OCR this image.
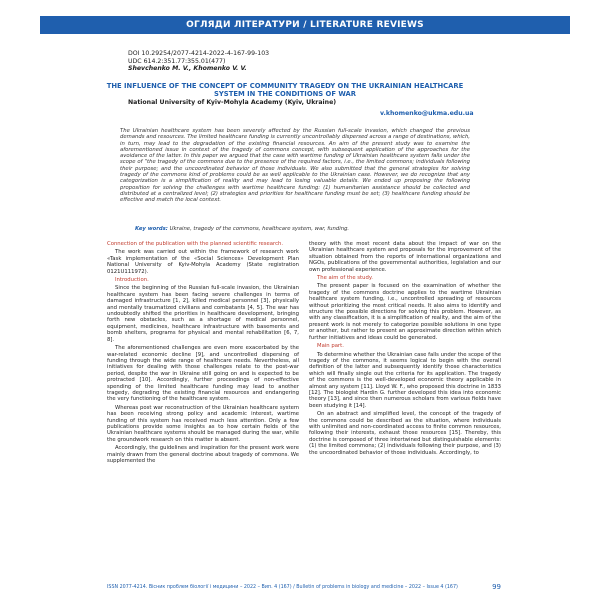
ОГЛЯДИ ЛІТЕРАТУРИ / LITERATURE REVIEWS
DOI 10.29254/2077-4214-2022-4-167-99-103
UDC 614.2:351.77:355.01(477)
Shevchenko M. V., Khomenko V. V.
THE INFLUENCE OF THE CONCEPT OF COMMUNITY TRAGEDY ON THE UKRAINIAN HEALTHCARE SYSTEM IN THE CONDITIONS OF WAR
National University of Kyiv-Mohyla Academy (Kyiv, Ukraine)
v.khomenko@ukma.edu.ua
The Ukrainian healthcare system has been severely affected by the Russian full-scale invasion, which changed the previous demands and resources. The limited healthcare funding is currently uncontrollably dispersed across a range of destinations, which, in turn, may lead to the degradation of the existing financial resources. An aim of the present study was to examine the aforementioned issue in context of the tragedy of commons concept, with subsequent application of the approaches for the avoidance of the latter. In this paper we argued that the case with wartime funding of Ukrainian healthcare system falls under the scope of “the tragedy of the commons due to the presence of the required factors, i.e., the limited commons; individuals following their purpose; and the uncoordinated behavior of those individuals. We also submitted that the general strategies for solving tragedy of the commons kind of problems could be as well applicable to the Ukrainian case. However, we do recognize that any categorization is a simplification of reality and may lead to losing valuable details. We ended up proposing the following proposition for solving the challenges with wartime healthcare funding: (1) humanitarian assistance should be collected and distributed at a centralized level; (2) strategies and priorities for healthcare funding must be set; (3) healthcare funding should be effective and match the local context.
Key words: Ukraine, tragedy of the commons, healthcare system, war, funding.

Connection of the publication with the planned scientific research.

The work was carried out within the framework of research work «Task implementation of the «Social Sciences» Development Plan National University of Kyiv-Mohyla Academy (State registration 0121U111972).

Introduction.

Since the beginning of the Russian full-scale invasion, the Ukrainian healthcare system has been facing severe challenges in terms of damaged infrastructure [1, 2], killed medical personnel [3], physically and mentally traumatized civilians and combatants [4, 5]. The war has undoubtedly shifted the priorities in healthcare development, bringing forth new obstacles, such as a shortage of medical personnel, equipment, medicines, healthcare infrastructure with basements and bomb shelters, programs for physical and mental rehabilitation [6, 7, 8].

The aforementioned challenges are even more exacerbated by the war-related economic decline [9], and uncontrolled dispersing of funding through the wide range of healthcare needs. Nevertheless, all initiatives for dealing with those challenges relate to the post-war period, despite the war in Ukraine still going on and is expected to be protracted [10]. Accordingly, further proceedings of non-effective spending of the limited healthcare funding may lead to another tragedy, degrading the existing financial resources and endangering the very functioning of the healthcare system.

Whereas post war reconstruction of the Ukrainian healthcare system has been receiving strong policy and academic interest, wartime funding of this system has received much less attention. Only a few publications provide some insights as to how certain fields of the Ukrainian healthcare systems should be managed during the war, while the groundwork research on this matter is absent.

Accordingly, the guidelines and inspiration for the present work were mainly drawn from the general doctrine about tragedy of commons. We supplemented the

theory with the most recent data about the impact of war on the Ukrainian healthcare system and proposals for the improvement of the situation obtained from the reports of international organizations and NGOs, publications of the governmental authorities, legislation and our own professional experience.

The aim of the study.

The present paper is focused on the examination of whether the tragedy of the commons doctrine applies to the wartime Ukrainian healthcare system funding, i.e., uncontrolled spreading of resources without prioritizing the most critical needs. It also aims to identify and structure the possible directions for solving this problem. However, as with any classification, it is a simplification of reality, and the aim of the present work is not merely to categorize possible solutions in one type or another, but rather to present an approximate direction within which further initiatives and ideas could be generated.

Main part.

To determine whether the Ukrainian case falls under the scope of the tragedy of the commons, it seems logical to begin with the overall definition of the latter and subsequently identify those characteristics which will finally single out the criteria for its application. The tragedy of the commons is the well-developed economic theory applicable in almost any system [11]. Lloyd W. F., who proposed this doctrine in 1833 [12]. The biologist Hardin G. further developed this idea into economic theory [13], and since then numerous scholars from various fields have been studying it [14].

On an abstract and simplified level, the concept of the tragedy of the commons could be described as the situation, where individuals with unlimited and non-coordinated access to finite common resources, following their interests, exhaust those resources [15]. Thereby, this doctrine is composed of three intertwined but distinguishable elements: (1) the limited commons; (2) individuals following their purpose, and (3) the uncoordinated behavior of those individuals. Accordingly, to

ISSN 2077-4214. Вісник проблем біології і медицини – 2022 – Вип. 4 (167) / Bulletin of problems in biology and medicine – 2022 – Issue 4 (167)	99
